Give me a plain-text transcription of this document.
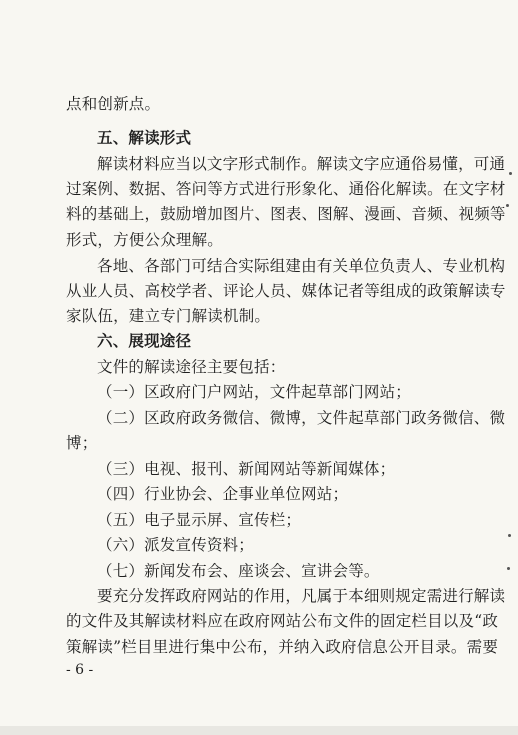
点和创新点。
五、解读形式
解读材料应当以文字形式制作。解读文字应通俗易懂，可通
过案例、数据、答问等方式进行形象化、通俗化解读。在文字材
料的基础上，鼓励增加图片、图表、图解、漫画、音频、视频等
形式，方便公众理解。
各地、各部门可结合实际组建由有关单位负责人、专业机构
从业人员、高校学者、评论人员、媒体记者等组成的政策解读专
家队伍，建立专门解读机制。
六、展现途径
文件的解读途径主要包括：
（一）区政府门户网站，文件起草部门网站；
（二）区政府政务微信、微博，文件起草部门政务微信、微
博；
（三）电视、报刊、新闻网站等新闻媒体；
（四）行业协会、企事业单位网站；
（五）电子显示屏、宣传栏；
（六）派发宣传资料；
（七）新闻发布会、座谈会、宣讲会等。
要充分发挥政府网站的作用，凡属于本细则规定需进行解读
的文件及其解读材料应在政府网站公布文件的固定栏目以及“政
策解读”栏目里进行集中公布，并纳入政府信息公开目录。需要
- 6 -
